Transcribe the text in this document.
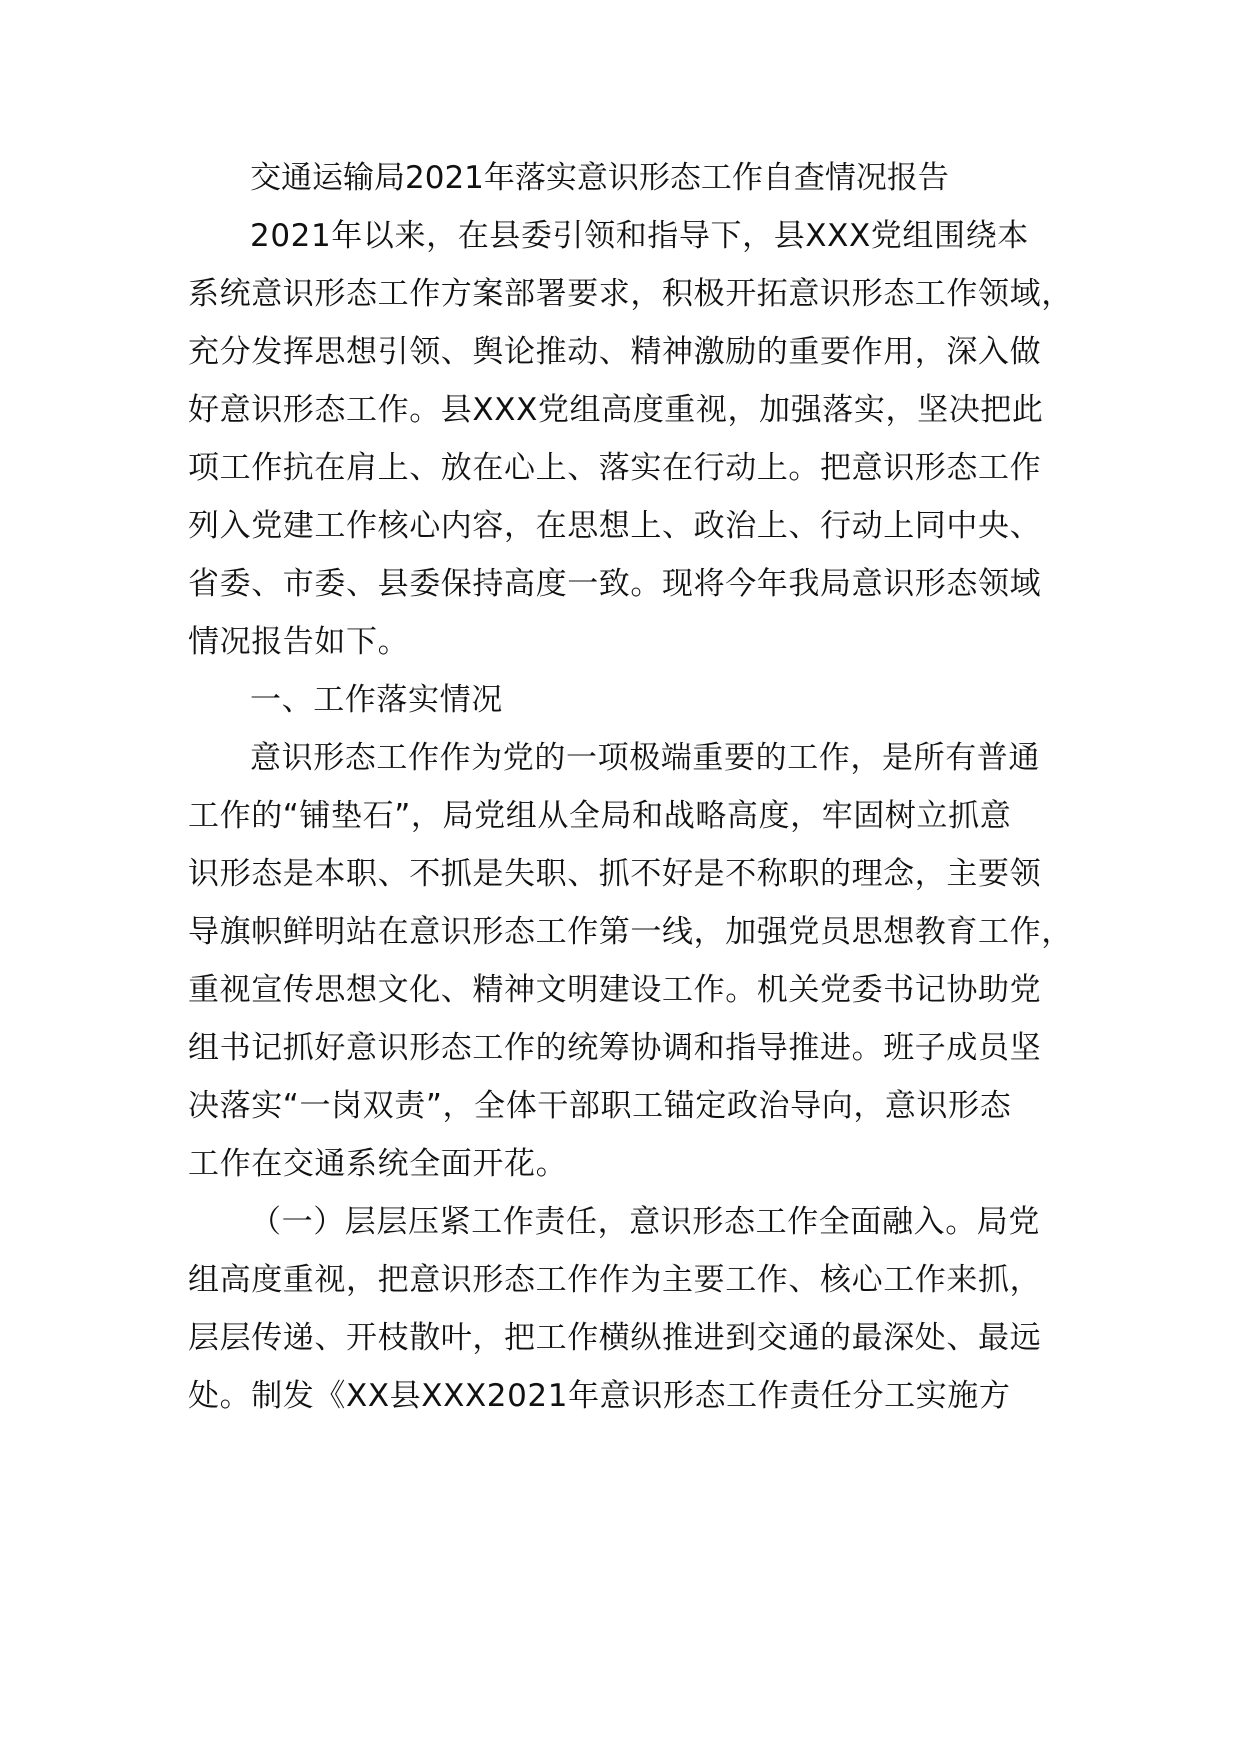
交通运输局2021年落实意识形态工作自查情况报告
2021年以来，在县委引领和指导下，县XXX党组围绕本
系统意识形态工作方案部署要求，积极开拓意识形态工作领域，
充分发挥思想引领、舆论推动、精神激励的重要作用，深入做
好意识形态工作。县XXX党组高度重视，加强落实，坚决把此
项工作抗在肩上、放在心上、落实在行动上。把意识形态工作
列入党建工作核心内容，在思想上、政治上、行动上同中央、
省委、市委、县委保持高度一致。现将今年我局意识形态领域
情况报告如下。
一、工作落实情况
意识形态工作作为党的一项极端重要的工作，是所有普通
工作的“铺垫石”，局党组从全局和战略高度，牢固树立抓意
识形态是本职、不抓是失职、抓不好是不称职的理念，主要领
导旗帜鲜明站在意识形态工作第一线，加强党员思想教育工作，
重视宣传思想文化、精神文明建设工作。机关党委书记协助党
组书记抓好意识形态工作的统筹协调和指导推进。班子成员坚
决落实“一岗双责”，全体干部职工锚定政治导向，意识形态
工作在交通系统全面开花。
（一）层层压紧工作责任，意识形态工作全面融入。局党
组高度重视，把意识形态工作作为主要工作、核心工作来抓，
层层传递、开枝散叶，把工作横纵推进到交通的最深处、最远
处。制发《XX县XXX2021年意识形态工作责任分工实施方
